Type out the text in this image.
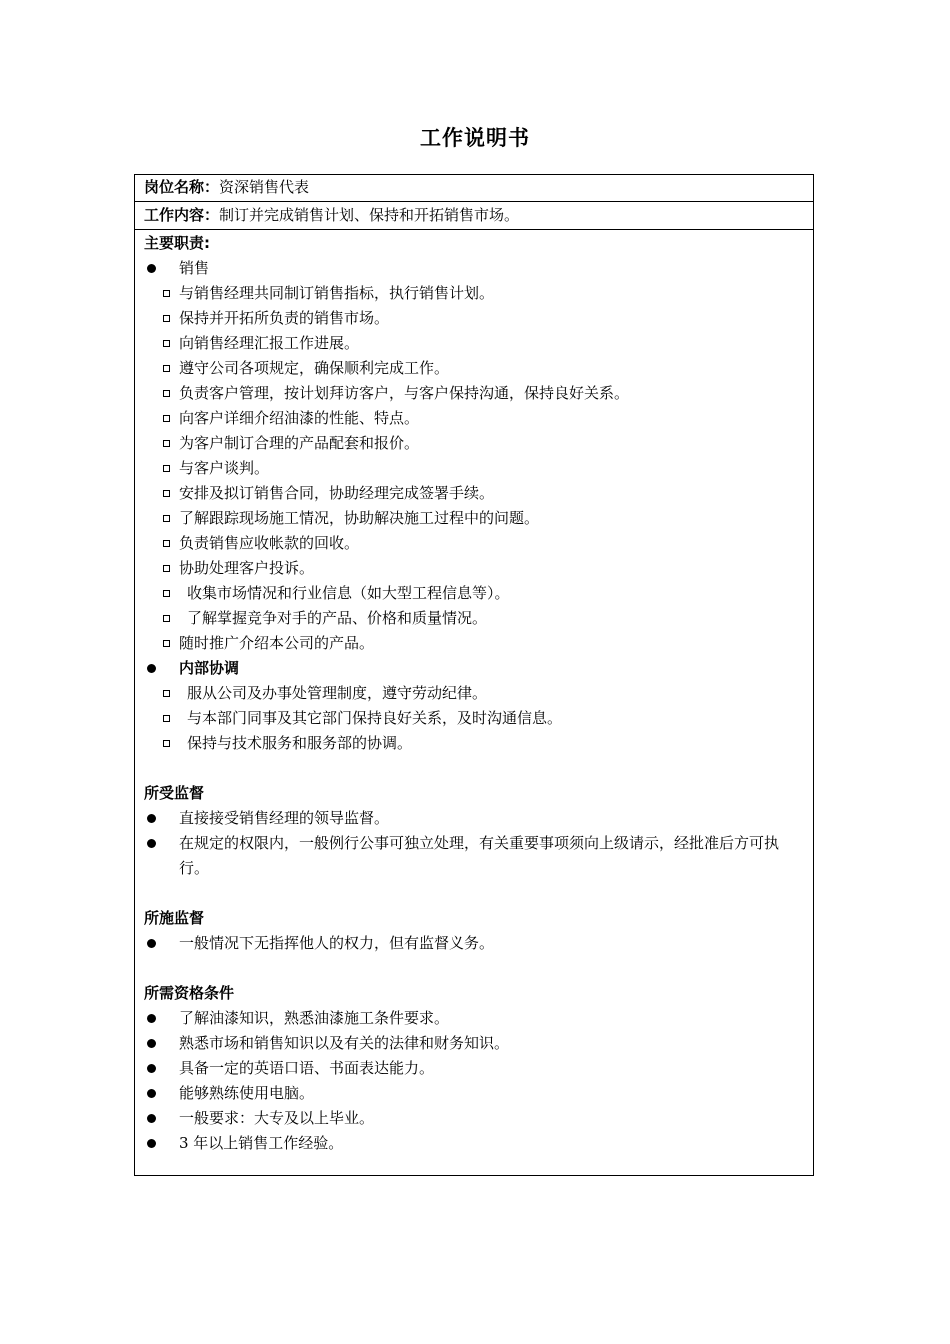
工作说明书
岗位名称：资深销售代表
工作内容：制订并完成销售计划、保持和开拓销售市场。
主要职责:
销售
与销售经理共同制订销售指标，执行销售计划。
保持并开拓所负责的销售市场。
向销售经理汇报工作进展。
遵守公司各项规定，确保顺利完成工作。
负责客户管理，按计划拜访客户，与客户保持沟通，保持良好关系。
向客户详细介绍油漆的性能、特点。
为客户制订合理的产品配套和报价。
与客户谈判。
安排及拟订销售合同，协助经理完成签署手续。
了解跟踪现场施工情况，协助解决施工过程中的问题。
负责销售应收帐款的回收。
协助处理客户投诉。
收集市场情况和行业信息（如大型工程信息等）。
了解掌握竞争对手的产品、价格和质量情况。
随时推广介绍本公司的产品。
内部协调
服从公司及办事处管理制度，遵守劳动纪律。
与本部门同事及其它部门保持良好关系，及时沟通信息。
保持与技术服务和服务部的协调。
所受监督
直接接受销售经理的领导监督。
在规定的权限内，一般例行公事可独立处理，有关重要事项须向上级请示，经批准后方可执行。
所施监督
一般情况下无指挥他人的权力，但有监督义务。
所需资格条件
了解油漆知识，熟悉油漆施工条件要求。
熟悉市场和销售知识以及有关的法律和财务知识。
具备一定的英语口语、书面表达能力。
能够熟练使用电脑。
一般要求：大专及以上毕业。
3 年以上销售工作经验。
